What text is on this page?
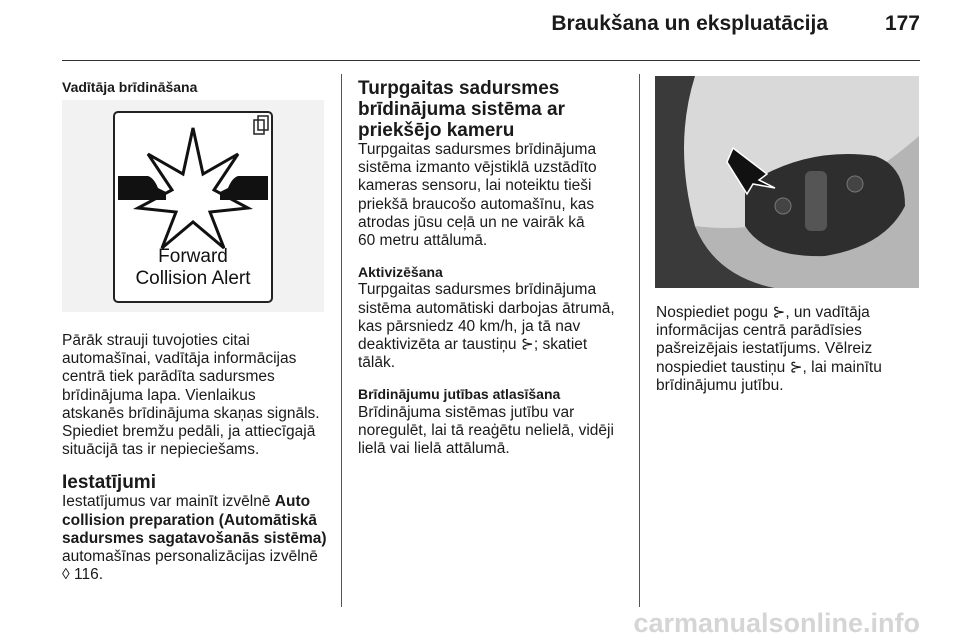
Braukšana un ekspluatācija	177

Vadītāja brīdināšana

Forward
Collision Alert

Pārāk strauji tuvojoties citai

automašīnai, vadītāja informācijas

centrā tiek parādīta sadursmes

brīdinājuma lapa. Vienlaikus

atskanēs brīdinājuma skaņas signāls.

Spiediet bremžu pedāli, ja attiecīgajā

situācijā tas ir nepieciešams.

Iestatījumi

Iestatījumus var mainīt izvēlnē Auto

collision preparation (Automātiskā

sadursmes sagatavošanās sistēma)

automašīnas personalizācijas izvēlnē

◊ 116.

Turpgaitas sadursmes

brīdinājuma sistēma ar

priekšējo kameru

Turpgaitas sadursmes brīdinājuma

sistēma izmanto vējstiklā uzstādīto

kameras sensoru, lai noteiktu tieši

priekšā braucošo automašīnu, kas

atrodas jūsu ceļā un ne vairāk kā

60 metru attālumā.

Aktivizēšana

Turpgaitas sadursmes brīdinājuma

sistēma automātiski darbojas ātrumā,

kas pārsniedz 40 km/h, ja tā nav

deaktivizēta ar taustiņu ⊱; skatiet

tālāk.

Brīdinājumu jutības atlasīšana

Brīdinājuma sistēmas jutību var

noregulēt, lai tā reaģētu nelielā, vidēji

lielā vai lielā attālumā.

Nospiediet pogu ⊱, un vadītāja

informācijas centrā parādīsies

pašreizējais iestatījums. Vēlreiz

nospiediet taustiņu ⊱, lai mainītu

brīdinājumu jutību.

carmanualsonline.info
